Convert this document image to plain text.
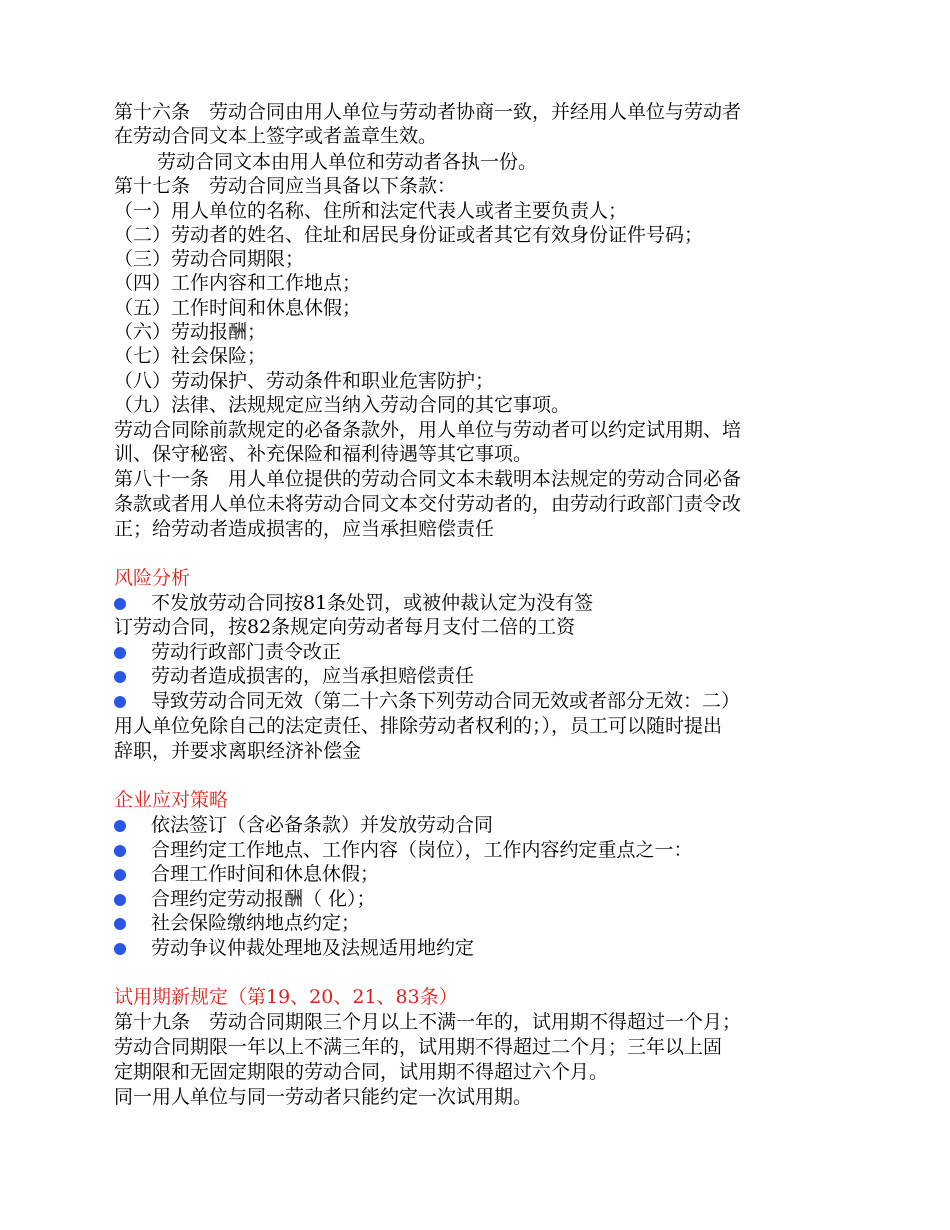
第十六条　劳动合同由用人单位与劳动者协商一致，并经用人单位与劳动者
在劳动合同文本上签字或者盖章生效。
劳动合同文本由用人单位和劳动者各执一份。
第十七条　劳动合同应当具备以下条款：
（一）用人单位的名称、住所和法定代表人或者主要负责人；
（二）劳动者的姓名、住址和居民身份证或者其它有效身份证件号码；
（三）劳动合同期限；
（四）工作内容和工作地点；
（五）工作时间和休息休假；
（六）劳动报酬；
（七）社会保险；
（八）劳动保护、劳动条件和职业危害防护；
（九）法律、法规规定应当纳入劳动合同的其它事项。
劳动合同除前款规定的必备条款外，用人单位与劳动者可以约定试用期、培
训、保守秘密、补充保险和福利待遇等其它事项。
第八十一条　用人单位提供的劳动合同文本未载明本法规定的劳动合同必备
条款或者用人单位未将劳动合同文本交付劳动者的，由劳动行政部门责令改
正；给劳动者造成损害的，应当承担赔偿责任
风险分析
不发放劳动合同按81条处罚，或被仲裁认定为没有签
订劳动合同，按82条规定向劳动者每月支付二倍的工资
劳动行政部门责令改正
劳动者造成损害的，应当承担赔偿责任
导致劳动合同无效（第二十六条下列劳动合同无效或者部分无效：二）
用人单位免除自己的法定责任、排除劳动者权利的；），员工可以随时提出
辞职，并要求离职经济补偿金
企业应对策略
依法签订（含必备条款）并发放劳动合同
合理约定工作地点、工作内容（岗位），工作内容约定重点之一：
合理工作时间和休息休假；
合理约定劳动报酬（ 化）；
社会保险缴纳地点约定；
劳动争议仲裁处理地及法规适用地约定
试用期新规定（第19、20、21、83条）
第十九条　劳动合同期限三个月以上不满一年的，试用期不得超过一个月；
劳动合同期限一年以上不满三年的，试用期不得超过二个月；三年以上固
定期限和无固定期限的劳动合同，试用期不得超过六个月。
同一用人单位与同一劳动者只能约定一次试用期。
